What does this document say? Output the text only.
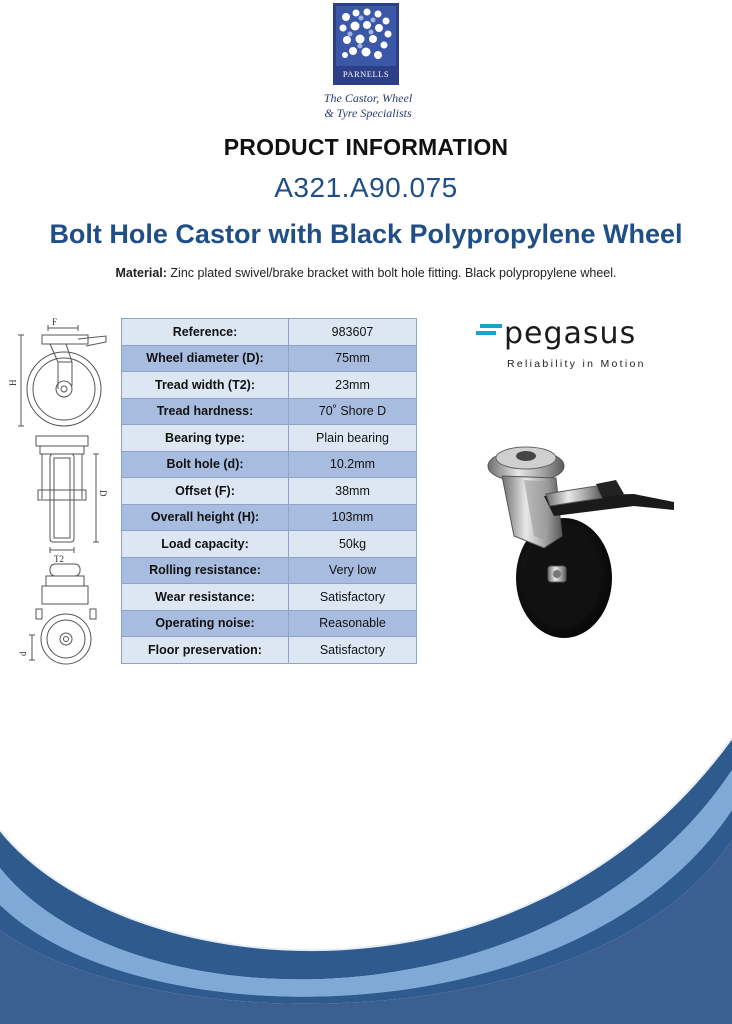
PARNELLS
The Castor, Wheel
& Tyre Specialists
PRODUCT INFORMATION
A321.A90.075
Bolt Hole Castor with Black Polypropylene Wheel
Material: Zinc plated swivel/brake bracket with bolt hole fitting. Black polypropylene wheel.
F
H
D
T2
d
Reference:	983607
Wheel diameter (D):	75mm
Tread width (T2):	23mm
Tread hardness:	70˚ Shore D
Bearing type:	Plain bearing
Bolt hole (d):	10.2mm
Offset (F):	38mm
Overall height (H):	103mm
Load capacity:	50kg
Rolling resistance:	Very low
Wear resistance:	Satisfactory
Operating noise:	Reasonable
Floor preservation:	Satisfactory
pegasus
Reliability in Motion
